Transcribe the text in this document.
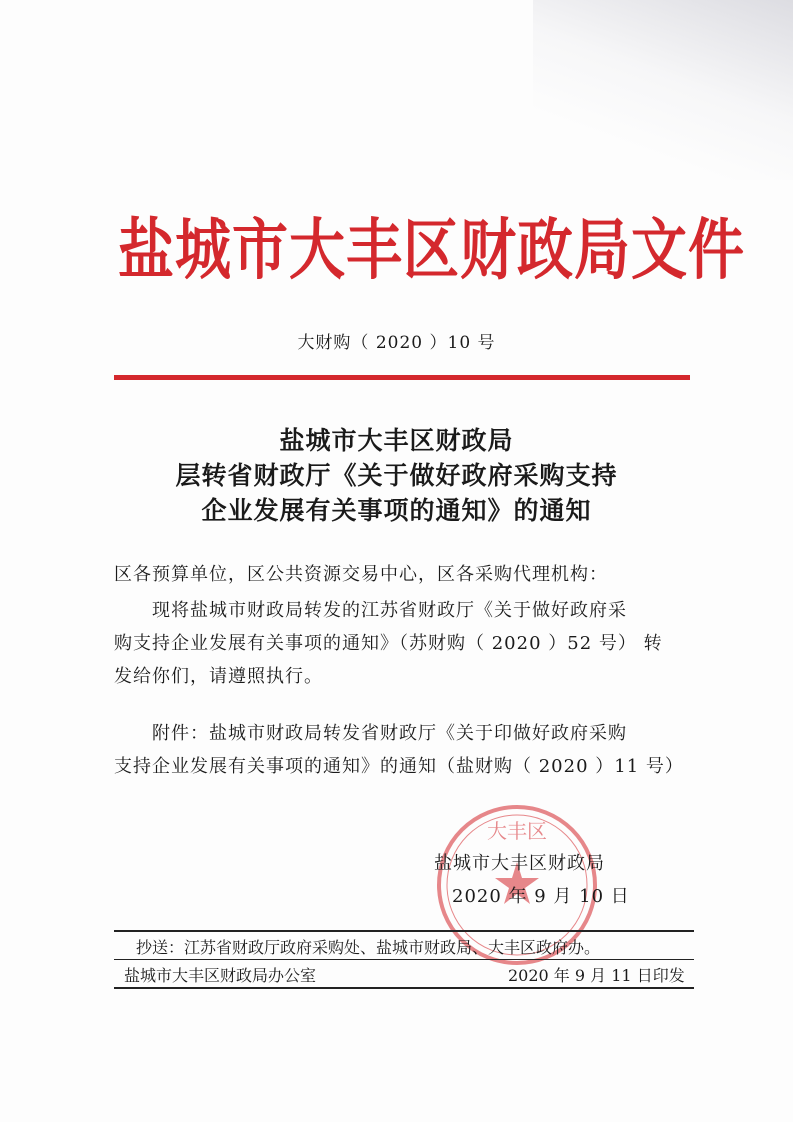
盐城市大丰区财政局文件
大财购（ 2020 ）10 号
盐城市大丰区财政局
层转省财政厅《关于做好政府采购支持
企业发展有关事项的通知》的通知
区各预算单位，区公共资源交易中心，区各采购代理机构：
现将盐城市财政局转发的江苏省财政厅《关于做好政府采
购支持企业发展有关事项的通知》（苏财购（ 2020 ）52 号） 转
发给你们，请遵照执行。
附件：盐城市财政局转发省财政厅《关于印做好政府采购
支持企业发展有关事项的通知》的通知（盐财购（ 2020 ）11 号）
大丰区
盐城市大丰区财政局
2020 年 9 月 10 日
抄送：江苏省财政厅政府采购处、盐城市财政局、大丰区政府办。
盐城市大丰区财政局办公室	2020 年 9 月 11 日印发
